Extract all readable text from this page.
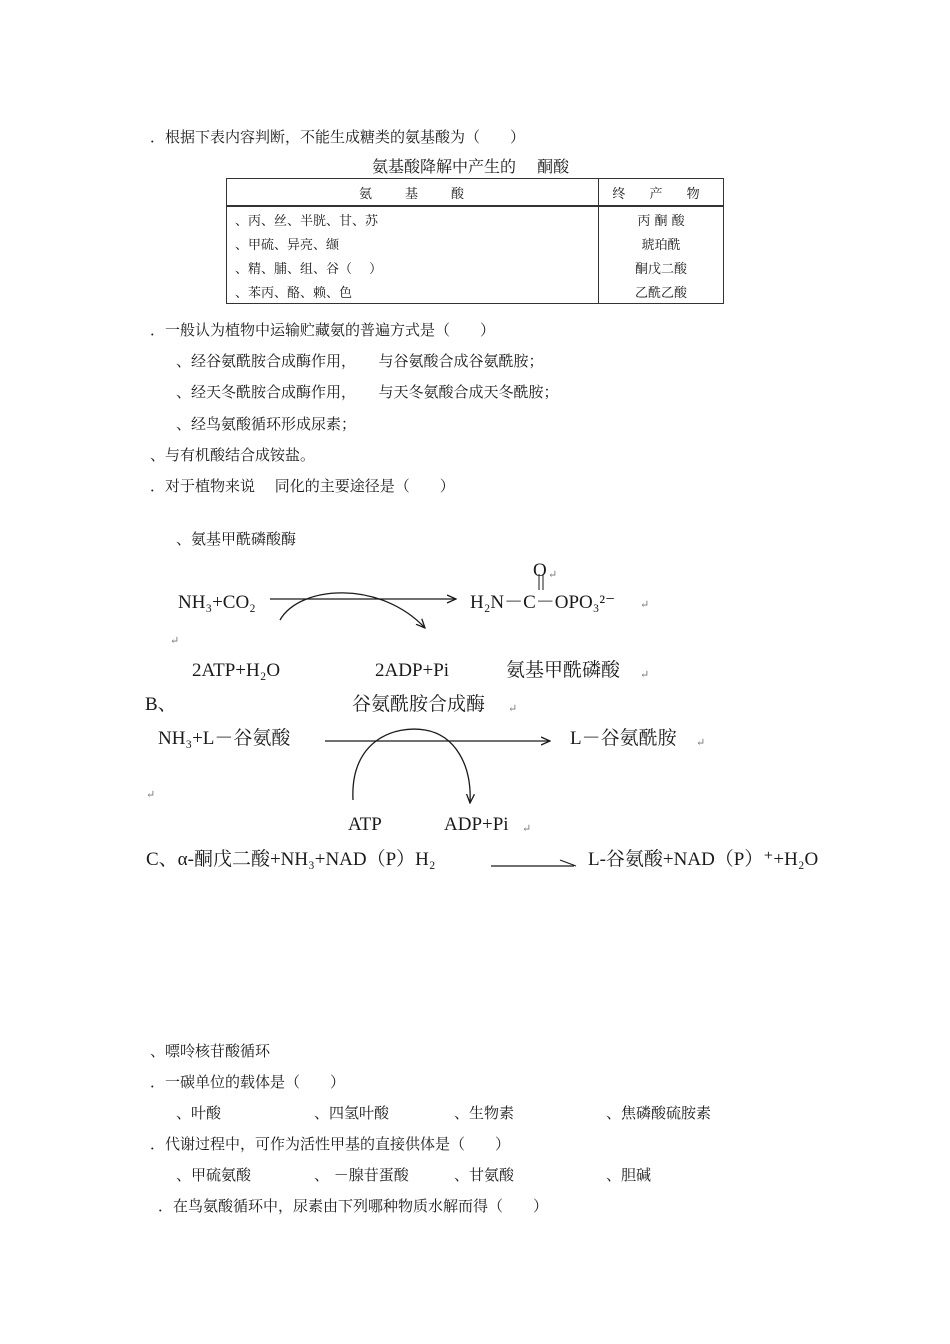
．根据下表内容判断，不能生成糖类的氨基酸为（　　）
氨基酸降解中产生的　 酮酸
氨　基　酸	终 产 物
、丙、丝、半胱、甘、苏	丙 酮 酸
、甲硫、异亮、缬	琥珀酰
、精、脯、组、谷（　 ）	酮戊二酸
、苯丙、酪、赖、色	乙酰乙酸
．一般认为植物中运输贮藏氨的普遍方式是（　　）
、经谷氨酰胺合成酶作用，　　与谷氨酸合成谷氨酰胺；
、经天冬酰胺合成酶作用，　　与天冬氨酸合成天冬酰胺；
、经鸟氨酸循环形成尿素；
、与有机酸结合成铵盐。
．对于植物来说　 同化的主要途径是（　　）
、氨基甲酰磷酸酶
NH₃+CO₂	H₂N－C－OPO₃²⁻
O ↵
↵
↵
2ATP+H₂O	2ADP+Pi	氨基甲酰磷酸 ↵
B、	谷氨酰胺合成酶 ↵
NH₃+L－谷氨酸	L－谷氨酰胺 ↵
↵
ATP	ADP+Pi ↵
C、α-酮戊二酸+NH₃+NAD（P）H₂	L-谷氨酸+NAD（P）⁺+H₂O
、嘌呤核苷酸循环
．一碳单位的载体是（　　）
、叶酸	、四氢叶酸	、生物素	、焦磷酸硫胺素
．代谢过程中，可作为活性甲基的直接供体是（　　）
、甲硫氨酸	、 －腺苷蛋酸	、甘氨酸	、胆碱
．在鸟氨酸循环中，尿素由下列哪种物质水解而得（　　）
